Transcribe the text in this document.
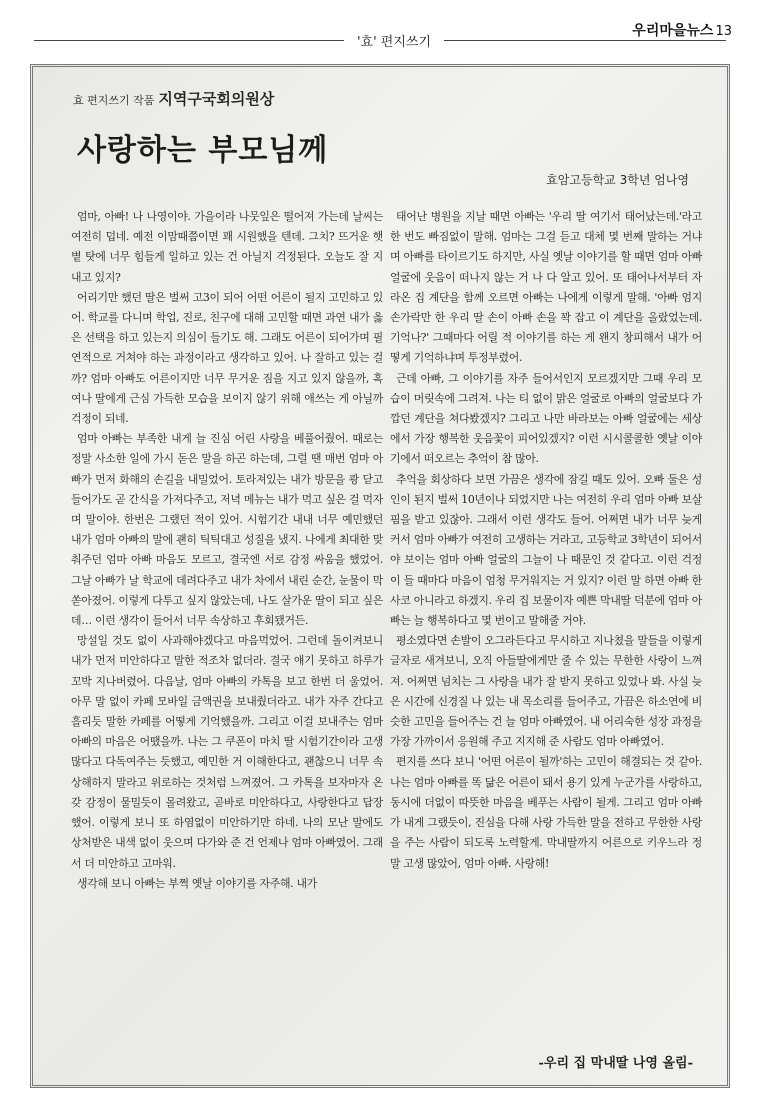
'효' 편지쓰기
우리마을뉴스 13
효 편지쓰기 작품 지역구국회의원상
사랑하는 부모님께
효암고등학교 3학년 엄나영

엄마, 아빠! 나 나영이야. 가을이라 나뭇잎은 떨어져 가는데 날씨는 여전히 덥네. 예전 이맘때쯤이면 꽤 시원했을 텐데. 그치? 뜨거운 햇볕 탓에 너무 힘들게 일하고 있는 건 아닐지 걱정된다. 오늘도 잘 지내고 있지?

어리기만 했던 딸은 벌써 고3이 되어 어떤 어른이 될지 고민하고 있어. 학교를 다니며 학업, 진로, 친구에 대해 고민할 때면 과연 내가 옳은 선택을 하고 있는지 의심이 들기도 해. 그래도 어른이 되어가며 필연적으로 거쳐야 하는 과정이라고 생각하고 있어. 나 잘하고 있는 걸까? 엄마 아빠도 어른이지만 너무 무거운 짐을 지고 있지 않을까, 혹여나 딸에게 근심 가득한 모습을 보이지 않기 위해 애쓰는 게 아닐까 걱정이 되네.

엄마 아빠는 부족한 내게 늘 진심 어린 사랑을 베풀어줬어. 때로는 정말 사소한 일에 가시 돋은 말을 하곤 하는데, 그럴 땐 매번 엄마 아빠가 먼저 화해의 손길을 내밀었어. 토라져있는 내가 방문을 쾅 닫고 들어가도 곧 간식을 가져다주고, 저녁 메뉴는 내가 먹고 싶은 걸 먹자며 말이야. 한번은 그랬던 적이 있어. 시험기간 내내 너무 예민했던 내가 엄마 아빠의 말에 괜히 틱틱대고 성질을 냈지. 나에게 최대한 맞춰주던 엄마 아빠 마음도 모르고, 결국엔 서로 감정 싸움을 했었어. 그날 아빠가 날 학교에 데려다주고 내가 차에서 내린 순간, 눈물이 막 쏟아졌어. 이렇게 다투고 싶지 않았는데, 나도 살가운 딸이 되고 싶은데… 이런 생각이 들어서 너무 속상하고 후회됐거든.

망설일 것도 없이 사과해야겠다고 마음먹었어. 그런데 돌이켜보니 내가 먼저 미안하다고 말한 적조차 없더라. 결국 얘기 못하고 하루가 꼬박 지나버렸어. 다음날, 엄마 아빠의 카톡을 보고 한번 더 울었어. 아무 말 없이 카페 모바일 금액권을 보내줬더라고. 내가 자주 간다고 흘리듯 말한 카페를 어떻게 기억했을까. 그리고 이걸 보내주는 엄마 아빠의 마음은 어땠을까. 나는 그 쿠폰이 마치 딸 시험기간이라 고생 많다고 다독여주는 듯했고, 예민한 거 이해한다고, 괜찮으니 너무 속상해하지 말라고 위로하는 것처럼 느껴졌어. 그 카톡을 보자마자 온갖 감정이 물밀듯이 몰려왔고, 곧바로 미안하다고, 사랑한다고 답장했어. 이렇게 보니 또 하염없이 미안하기만 하네. 나의 모난 말에도 상처받은 내색 없이 웃으며 다가와 준 건 언제나 엄마 아빠였어. 그래서 더 미안하고 고마워.

생각해 보니 아빠는 부쩍 옛날 이야기를 자주해. 내가

태어난 병원을 지날 때면 아빠는 '우리 딸 여기서 태어났는데.'라고 한 번도 빠짐없이 말해. 엄마는 그걸 듣고 대체 몇 번째 말하는 거냐며 아빠를 타이르기도 하지만, 사실 옛날 이야기를 할 때면 엄마 아빠 얼굴에 웃음이 떠나지 않는 거 나 다 알고 있어. 또 태어나서부터 자라온 집 계단을 함께 오르면 아빠는 나에게 이렇게 말해. '아빠 엄지손가락만 한 우리 딸 손이 아빠 손을 꽉 잡고 이 계단을 올랐었는데. 기억나?' 그때마다 어릴 적 이야기를 하는 게 왠지 창피해서 내가 어떻게 기억하냐며 투정부렸어.

근데 아빠, 그 이야기를 자주 들어서인지 모르겠지만 그때 우리 모습이 머릿속에 그려져. 나는 티 없이 맑은 얼굴로 아빠의 얼굴보다 가깝던 계단을 쳐다봤겠지? 그리고 나만 바라보는 아빠 얼굴에는 세상에서 가장 행복한 웃음꽃이 피어있겠지? 이런 시시콜콜한 옛날 이야기에서 떠오르는 추억이 참 많아.

추억을 회상하다 보면 가끔은 생각에 잠길 때도 있어. 오빠 둘은 성인이 된지 벌써 10년이나 되었지만 나는 여전히 우리 엄마 아빠 보살핌을 받고 있잖아. 그래서 이런 생각도 들어. 어쩌면 내가 너무 늦게 커서 엄마 아빠가 여전히 고생하는 거라고, 고등학교 3학년이 되어서야 보이는 엄마 아빠 얼굴의 그늘이 나 때문인 것 같다고. 이런 걱정이 들 때마다 마음이 엄청 무거워지는 거 있지? 이런 말 하면 아빠 한사코 아니라고 하겠지. 우리 집 보물이자 예쁜 막내딸 덕분에 엄마 아빠는 늘 행복하다고 몇 번이고 말해줄 거야.

평소였다면 손발이 오그라든다고 무시하고 지나쳤을 말들을 이렇게 글자로 새겨보니, 오직 아들딸에게만 줄 수 있는 무한한 사랑이 느껴져. 어쩌면 넘치는 그 사랑을 내가 잘 받지 못하고 있었나 봐. 사실 늦은 시간에 신경질 나 있는 내 목소리를 들어주고, 가끔은 하소연에 비슷한 고민을 들어주는 건 늘 엄마 아빠였어. 내 어리숙한 성장 과정을 가장 가까이서 응원해 주고 지지해 준 사람도 엄마 아빠였어.

편지를 쓰다 보니 '어떤 어른이 될까'하는 고민이 해결되는 것 같아. 나는 엄마 아빠를 똑 닮은 어른이 돼서 용기 있게 누군가를 사랑하고, 동시에 더없이 따뜻한 마음을 베푸는 사람이 될게. 그리고 엄마 아빠가 내게 그랬듯이, 진심을 다해 사랑 가득한 말을 전하고 무한한 사랑을 주는 사람이 되도록 노력할게. 막내딸까지 어른으로 키우느라 정말 고생 많았어, 엄마 아빠. 사랑해!

-우리 집 막내딸 나영 올림-
